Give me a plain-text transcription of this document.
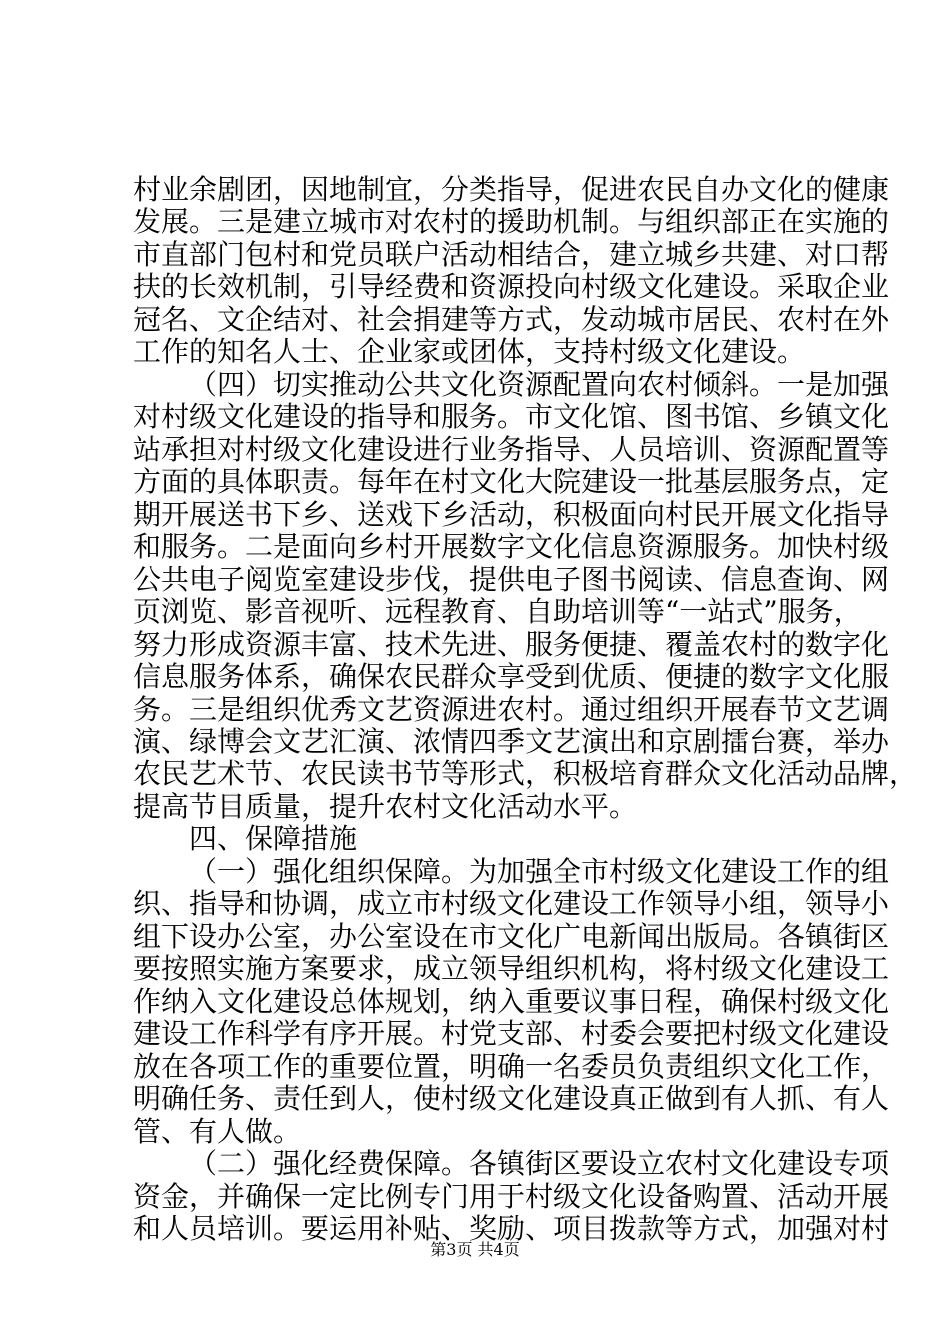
村业余剧团，因地制宜，分类指导，促进农民自办文化的健康
发展。三是建立城市对农村的援助机制。与组织部正在实施的
市直部门包村和党员联户活动相结合，建立城乡共建、对口帮
扶的长效机制，引导经费和资源投向村级文化建设。采取企业
冠名、文企结对、社会捐建等方式，发动城市居民、农村在外
工作的知名人士、企业家或团体，支持村级文化建设。
（四）切实推动公共文化资源配置向农村倾斜。一是加强
对村级文化建设的指导和服务。市文化馆、图书馆、乡镇文化
站承担对村级文化建设进行业务指导、人员培训、资源配置等
方面的具体职责。每年在村文化大院建设一批基层服务点，定
期开展送书下乡、送戏下乡活动，积极面向村民开展文化指导
和服务。二是面向乡村开展数字文化信息资源服务。加快村级
公共电子阅览室建设步伐，提供电子图书阅读、信息查询、网
页浏览、影音视听、远程教育、自助培训等“一站式”服务，
努力形成资源丰富、技术先进、服务便捷、覆盖农村的数字化
信息服务体系，确保农民群众享受到优质、便捷的数字文化服
务。三是组织优秀文艺资源进农村。通过组织开展春节文艺调
演、绿博会文艺汇演、浓情四季文艺演出和京剧擂台赛，举办
农民艺术节、农民读书节等形式，积极培育群众文化活动品牌，
提高节目质量，提升农村文化活动水平。
四、保障措施
（一）强化组织保障。为加强全市村级文化建设工作的组
织、指导和协调，成立市村级文化建设工作领导小组，领导小
组下设办公室，办公室设在市文化广电新闻出版局。各镇街区
要按照实施方案要求，成立领导组织机构，将村级文化建设工
作纳入文化建设总体规划，纳入重要议事日程，确保村级文化
建设工作科学有序开展。村党支部、村委会要把村级文化建设
放在各项工作的重要位置，明确一名委员负责组织文化工作，
明确任务、责任到人，使村级文化建设真正做到有人抓、有人
管、有人做。
（二）强化经费保障。各镇街区要设立农村文化建设专项
资金，并确保一定比例专门用于村级文化设备购置、活动开展
和人员培训。要运用补贴、奖励、项目拨款等方式，加强对村
第3页 共4页
